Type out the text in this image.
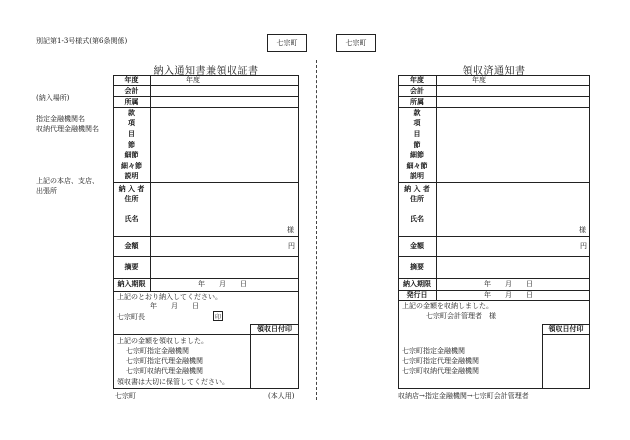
別記第1-3号様式(第6条関係)	七宗町	七宗町
(納入場所)
指定金融機関名
収納代理金融機関名
上記の本店、支店、
出張所
納入通知書兼領収証書
年度	年度
会計
所属
款
項
目
節
細節
細々節
説明
納 入 者
住所
氏名
様
金額	円
摘要
納入期限	年　　月　　日
上記のとおり納入してください。
年　　月　　日
七宗町長	印
領収日付印
上記の金額を領収しました。
七宗町指定金融機関
七宗町指定代理金融機関
七宗町収納代理金融機関
領収書は大切に保管してください。
七宗町	(本人用)
領収済通知書
年度	年度
会計
所属
款
項
目
節
細節
細々節
説明
納 入 者
住所
氏名
様
金額	円
摘要
納入期限	年　　月　　日
発行日	年　　月　　日
上記の金額を収納しました。
七宗町会計管理者　様
領収日付印
七宗町指定金融機関
七宗町指定代理金融機関
七宗町収納代理金融機関
収納店→指定金融機関→七宗町会計管理者
